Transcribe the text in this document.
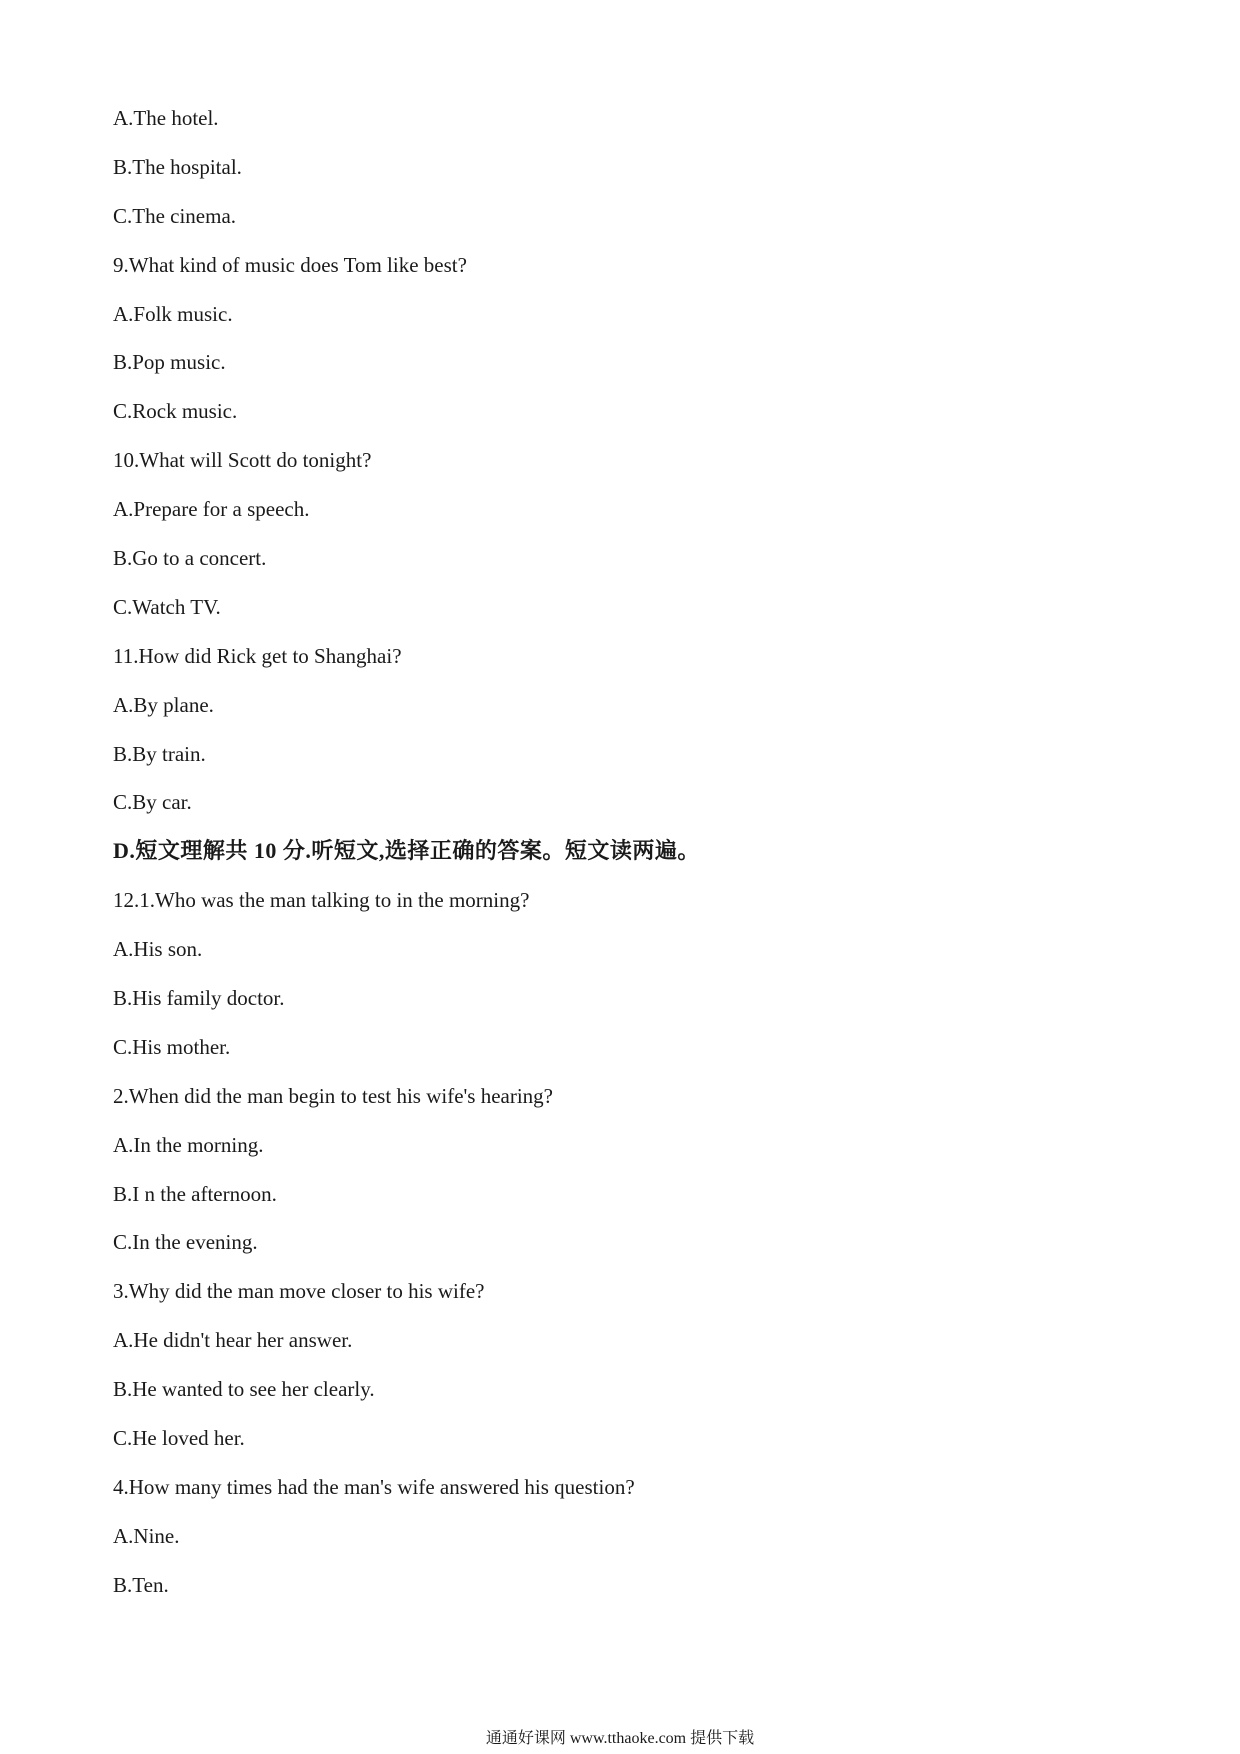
A.The hotel.
B.The hospital.
C.The cinema.
9.What kind of music does Tom like best?
A.Folk music.
B.Pop music.
C.Rock music.
10.What will Scott do tonight?
A.Prepare for a speech.
B.Go to a concert.
C.Watch TV.
11.How did Rick get to Shanghai?
A.By plane.
B.By train.
C.By car.
D.短文理解共 10 分.听短文,选择正确的答案。短文读两遍。
12.1.Who was the man talking to in the morning?
A.His son.
B.His family doctor.
C.His mother.
2.When did the man begin to test his wife's hearing?
A.In the morning.
B.I n the afternoon.
C.In the evening.
3.Why did the man move closer to his wife?
A.He didn't hear her answer.
B.He wanted to see her clearly.
C.He loved her.
4.How many times had the man's wife answered his question?
A.Nine.
B.Ten.
通通好课网 www.tthaoke.com 提供下载
